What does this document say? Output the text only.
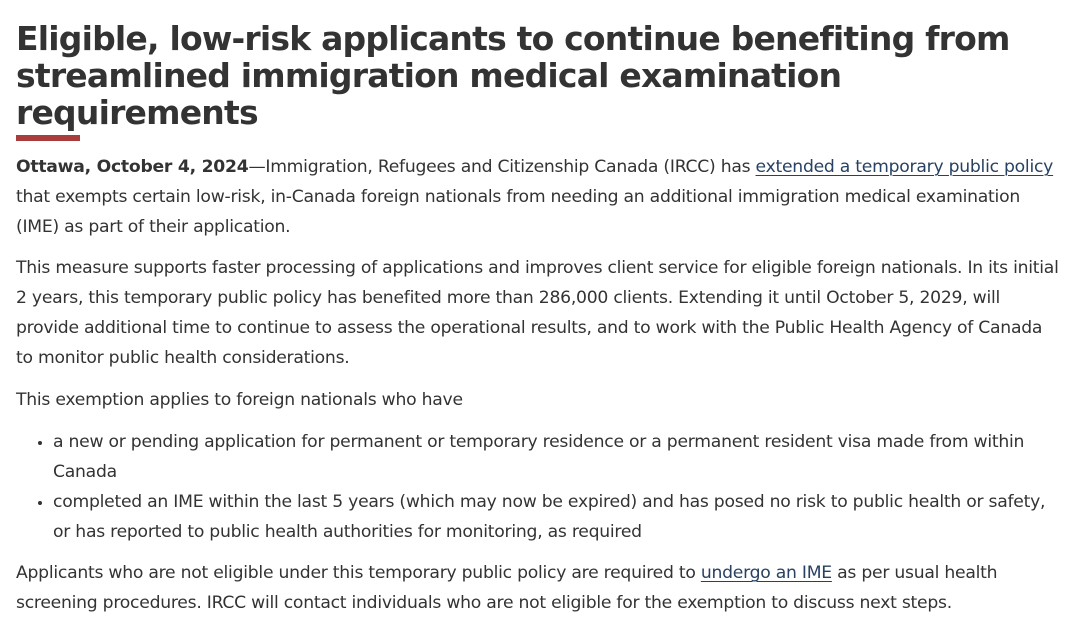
Eligible, low-risk applicants to continue benefiting from streamlined immigration medical examination requirements

Ottawa, October 4, 2024—Immigration, Refugees and Citizenship Canada (IRCC) has extended a temporary public policy that exempts certain low-risk, in-Canada foreign nationals from needing an additional immigration medical examination (IME) as part of their application.

This measure supports faster processing of applications and improves client service for eligible foreign nationals. In its initial 2 years, this temporary public policy has benefited more than 286,000 clients. Extending it until October 5, 2029, will provide additional time to continue to assess the operational results, and to work with the Public Health Agency of Canada to monitor public health considerations.

This exemption applies to foreign nationals who have

• a new or pending application for permanent or temporary residence or a permanent resident visa made from within Canada
• completed an IME within the last 5 years (which may now be expired) and has posed no risk to public health or safety, or has reported to public health authorities for monitoring, as required

Applicants who are not eligible under this temporary public policy are required to undergo an IME as per usual health screening procedures. IRCC will contact individuals who are not eligible for the exemption to discuss next steps.
